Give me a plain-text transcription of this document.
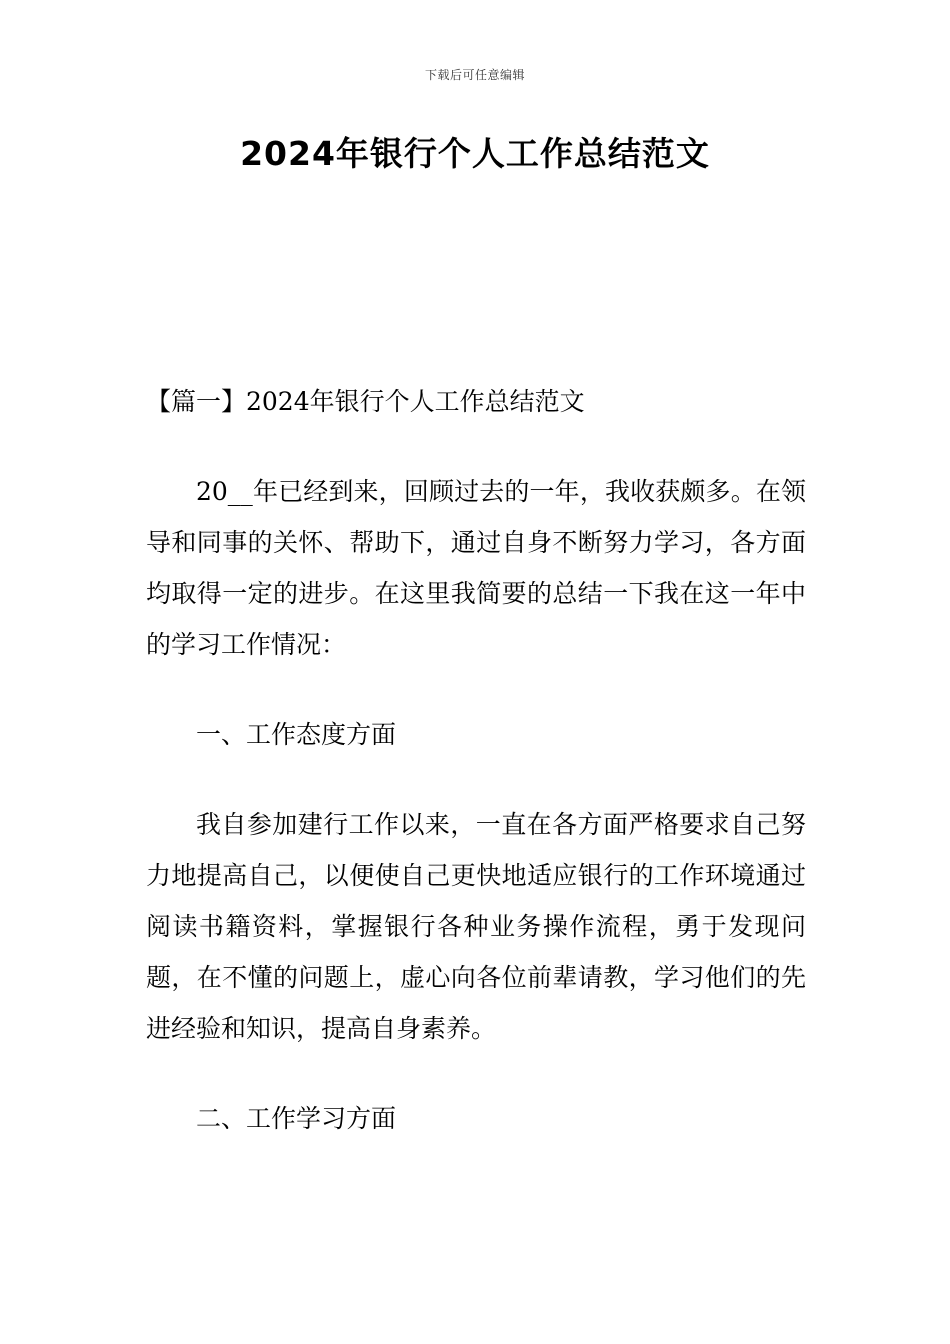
下载后可任意编辑
2024年银行个人工作总结范文

【篇一】2024年银行个人工作总结范文

20__年已经到来，回顾过去的一年，我收获颇多。在领导和同事的关怀、帮助下，通过自身不断努力学习，各方面均取得一定的进步。在这里我简要的总结一下我在这一年中的学习工作情况：

一、工作态度方面

我自参加建行工作以来，一直在各方面严格要求自己努力地提高自己，以便使自己更快地适应银行的工作环境通过阅读书籍资料，掌握银行各种业务操作流程，勇于发现问题，在不懂的问题上，虚心向各位前辈请教，学习他们的先进经验和知识，提高自身素养。

二、工作学习方面
